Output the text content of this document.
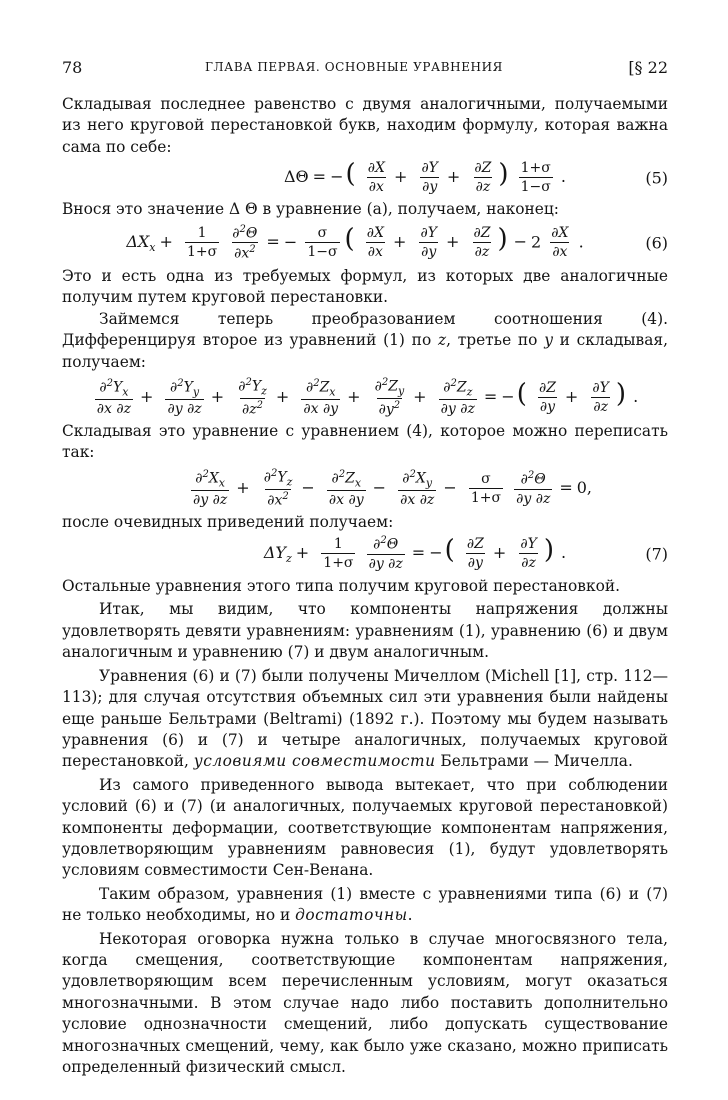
78	ГЛАВА ПЕРВАЯ. ОСНОВНЫЕ УРАВНЕНИЯ	[§ 22

Складывая последнее равенство с двумя аналогичными, получаемыми из него круговой перестановкой букв, находим формулу, которая важна сама по себе:

ΔΘ = −( $\frac{\partial X}{\partial x} + \frac{\partial Y}{\partial y} + \frac{\partial Z}{\partial z}$ ) $\frac{1+\sigma}{1-\sigma}$ .	(5)

Внося это значение Δ Θ в уравнение (а), получаем, наконец:

$\Delta X_x + \frac{1}{1+\sigma}$
$\frac{\partial^2\Theta}{\partial x^2}$ = − $\frac{\sigma}{1-\sigma}$ ( $\frac{\partial X}{\partial x} + \frac{\partial Y}{\partial y} + \frac{\partial Z}{\partial z}$ ) − $2 \frac{\partial X}{\partial x}$ .	(6)

Это и есть одна из требуемых формул, из которых две аналогичные получим путем круговой перестановки.

Займемся теперь преобразованием соотношения (4). Дифференцируя второе из уравнений (1) по z, третье по y и складывая, получаем:

$\frac{\partial^2Y_x}{\partial x \partial z} + \frac{\partial^2Y_y}{\partial y \partial z} + \frac{\partial^2Y_z}{\partial z^2} + \frac{\partial^2Z_x}{\partial x \partial y} + \frac{\partial^2Z_y}{\partial y^2} + \frac{\partial^2Z_z}{\partial y \partial z}$ = −( $\frac{\partial Z}{\partial y} + \frac{\partial Y}{\partial z}$ ) .

Складывая это уравнение с уравнением (4), которое можно переписать так:

$\frac{\partial^2X_x}{\partial y \partial z} + \frac{\partial^2Y_z}{\partial x^2} - \frac{\partial^2Z_x}{\partial x \partial y} - \frac{\partial^2X_y}{\partial x \partial z} - \frac{\sigma}{1+\sigma}$
$\frac{\partial^2\Theta}{\partial y \partial z} = 0$,

после очевидных приведений получаем:

$\Delta Y_z + \frac{1}{1+\sigma}$
$\frac{\partial^2\Theta}{\partial y \partial z}$ = −( $\frac{\partial Z}{\partial y} + \frac{\partial Y}{\partial z}$ ) .	(7)

Остальные уравнения этого типа получим круговой перестановкой.

Итак, мы видим, что компоненты напряжения должны удовлетворять девяти уравнениям: уравнениям (1), уравнению (6) и двум аналогичным и уравнению (7) и двум аналогичным.

Уравнения (6) и (7) были получены Мичеллом (Michell [1], стр. 112—113); для случая отсутствия объемных сил эти уравнения были найдены еще раньше Бельтрами (Beltrami) (1892 г.). Поэтому мы будем называть уравнения (6) и (7) и четыре аналогичных, получаемых круговой перестановкой, условиями совместимости Бельтрами — Мичелла.

Из самого приведенного вывода вытекает, что при соблюдении условий (6) и (7) (и аналогичных, получаемых круговой перестановкой) компоненты деформации, соответствующие компонентам напряжения, удовлетворяющим уравнениям равновесия (1), будут удовлетворять условиям совместимости Сен-Венана.

Таким образом, уравнения (1) вместе с уравнениями типа (6) и (7) не только необходимы, но и достаточны.

Некоторая оговорка нужна только в случае многосвязного тела, когда смещения, соответствующие компонентам напряжения, удовлетворяющим всем перечисленным условиям, могут оказаться многозначными. В этом случае надо либо поставить дополнительно условие однозначности смещений, либо допускать существование многозначных смещений, чему, как было уже сказано, можно приписать определенный физический смысл.
